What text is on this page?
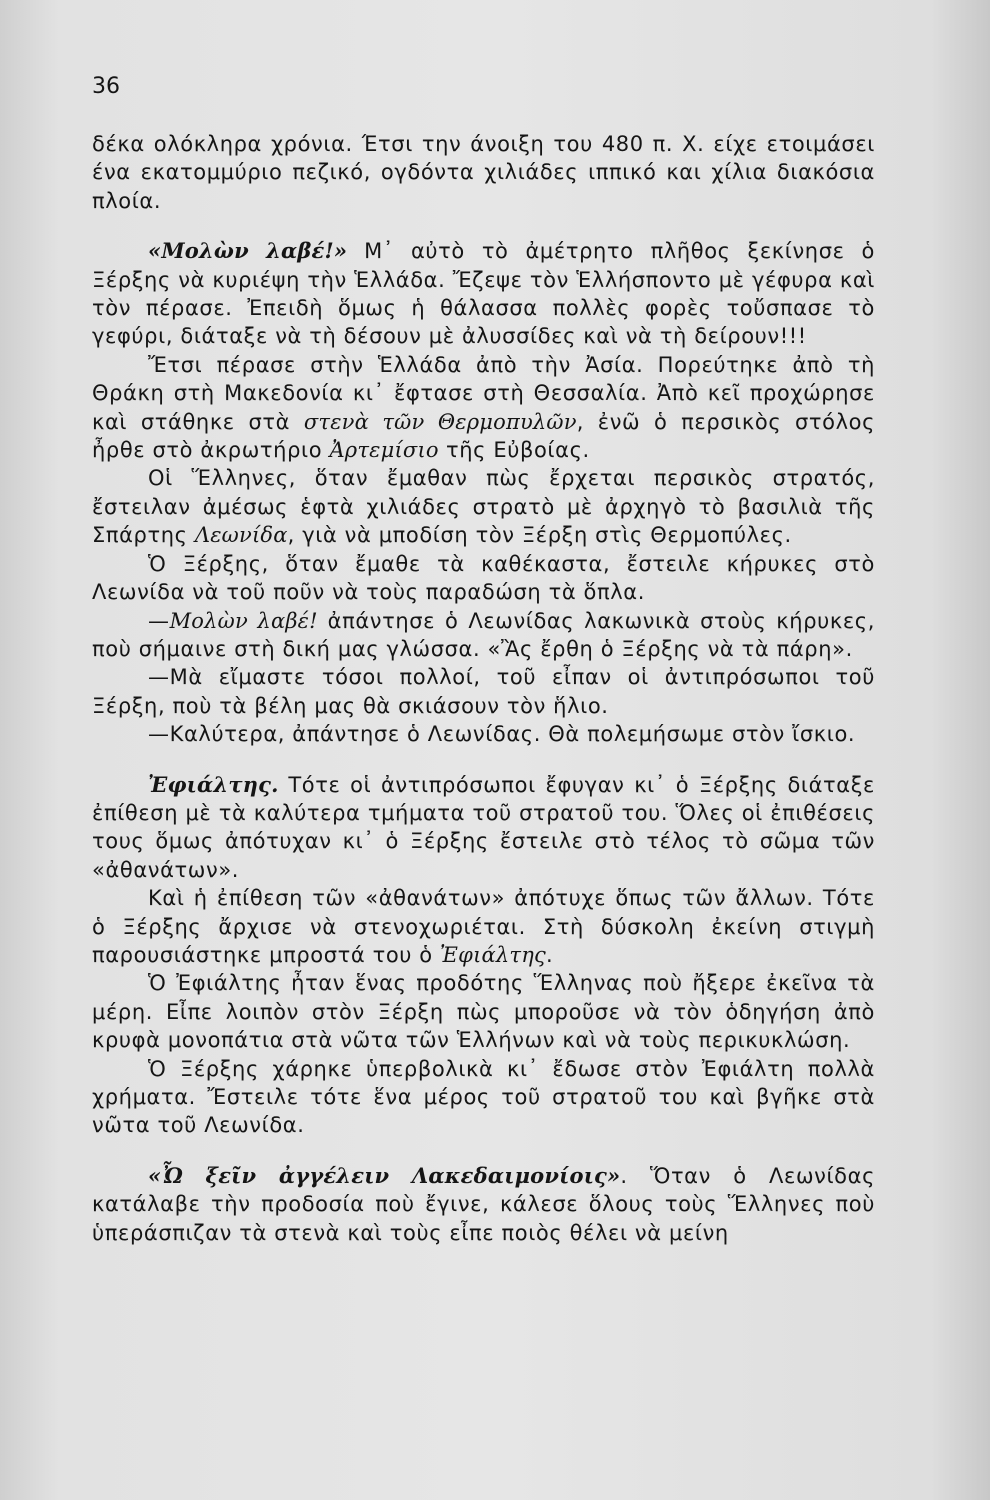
36

δέκα ολόκληρα χρόνια. Έτσι την άνοιξη του 480 π. Χ. είχε ετοιμάσει ένα εκατομμύριο πεζικό, ογδόντα χιλιάδες ιππικό και χίλια διακόσια πλοία.

«Μολὼν λαβέ!» Μ᾽ αὐτὸ τὸ ἀμέτρητο πλῆθος ξεκίνησε ὁ Ξέρξης νὰ κυριέψη τὴν Ἑλλάδα. Ἔζεψε τὸν Ἑλλήσποντο μὲ γέφυρα καὶ τὸν πέρασε. Ἐπειδὴ ὅμως ἡ θάλασσα πολλὲς φορὲς τοὔσπασε τὸ γεφύρι, διάταξε νὰ τὴ δέσουν μὲ ἀλυσσίδες καὶ νὰ τὴ δείρουν!!!

Ἔτσι πέρασε στὴν Ἑλλάδα ἀπὸ τὴν Ἀσία. Πορεύτηκε ἀπὸ τὴ Θράκη στὴ Μακεδονία κι᾽ ἔφτασε στὴ Θεσσαλία. Ἀπὸ κεῖ προχώρησε καὶ στάθηκε στὰ στενὰ τῶν Θερμοπυλῶν, ἐνῶ ὁ περσικὸς στόλος ἦρθε στὸ ἀκρωτήριο Ἀρτεμίσιο τῆς Εὐβοίας.

Οἱ Ἕλληνες, ὅταν ἔμαθαν πὼς ἔρχεται περσικὸς στρατός, ἔστειλαν ἀμέσως ἑφτὰ χιλιάδες στρατὸ μὲ ἀρχηγὸ τὸ βασιλιὰ τῆς Σπάρτης Λεωνίδα, γιὰ νὰ μποδίση τὸν Ξέρξη στὶς Θερμοπύλες.

Ὁ Ξέρξης, ὅταν ἔμαθε τὰ καθέκαστα, ἔστειλε κήρυκες στὸ Λεωνίδα νὰ τοῦ ποῦν νὰ τοὺς παραδώση τὰ ὅπλα.

—Μολὼν λαβέ! ἀπάντησε ὁ Λεωνίδας λακωνικὰ στοὺς κήρυκες, ποὺ σήμαινε στὴ δική μας γλώσσα. «Ἂς ἔρθη ὁ Ξέρξης νὰ τὰ πάρη».

—Μὰ εἴμαστε τόσοι πολλοί, τοῦ εἶπαν οἱ ἀντιπρόσωποι τοῦ Ξέρξη, ποὺ τὰ βέλη μας θὰ σκιάσουν τὸν ἥλιο.

—Καλύτερα, ἀπάντησε ὁ Λεωνίδας. Θὰ πολεμήσωμε στὸν ἴσκιο.

Ἐφιάλτης. Τότε οἱ ἀντιπρόσωποι ἔφυγαν κι᾽ ὁ Ξέρξης διάταξε ἐπίθεση μὲ τὰ καλύτερα τμήματα τοῦ στρατοῦ του. Ὅλες οἱ ἐπιθέσεις τους ὅμως ἀπότυχαν κι᾽ ὁ Ξέρξης ἔστειλε στὸ τέλος τὸ σῶμα τῶν «ἀθανάτων».

Καὶ ἡ ἐπίθεση τῶν «ἀθανάτων» ἀπότυχε ὅπως τῶν ἄλλων. Τότε ὁ Ξέρξης ἄρχισε νὰ στενοχωριέται. Στὴ δύσκολη ἐκείνη στιγμὴ παρουσιάστηκε μπροστά του ὁ Ἐφιάλτης.

Ὁ Ἐφιάλτης ἦταν ἕνας προδότης Ἕλληνας ποὺ ἤξερε ἐκεῖνα τὰ μέρη. Εἶπε λοιπὸν στὸν Ξέρξη πὼς μποροῦσε νὰ τὸν ὁδηγήση ἀπὸ κρυφὰ μονοπάτια στὰ νῶτα τῶν Ἑλλήνων καὶ νὰ τοὺς περικυκλώση.

Ὁ Ξέρξης χάρηκε ὑπερβολικὰ κι᾽ ἔδωσε στὸν Ἐφιάλτη πολλὰ χρήματα. Ἔστειλε τότε ἕνα μέρος τοῦ στρατοῦ του καὶ βγῆκε στὰ νῶτα τοῦ Λεωνίδα.

«Ὦ ξεῖν ἀγγέλειν Λακεδαιμονίοις». Ὅταν ὁ Λεωνίδας κατάλαβε τὴν προδοσία ποὺ ἔγινε, κάλεσε ὅλους τοὺς Ἕλληνες ποὺ ὑπεράσπιζαν τὰ στενὰ καὶ τοὺς εἶπε ποιὸς θέλει νὰ μείνη
